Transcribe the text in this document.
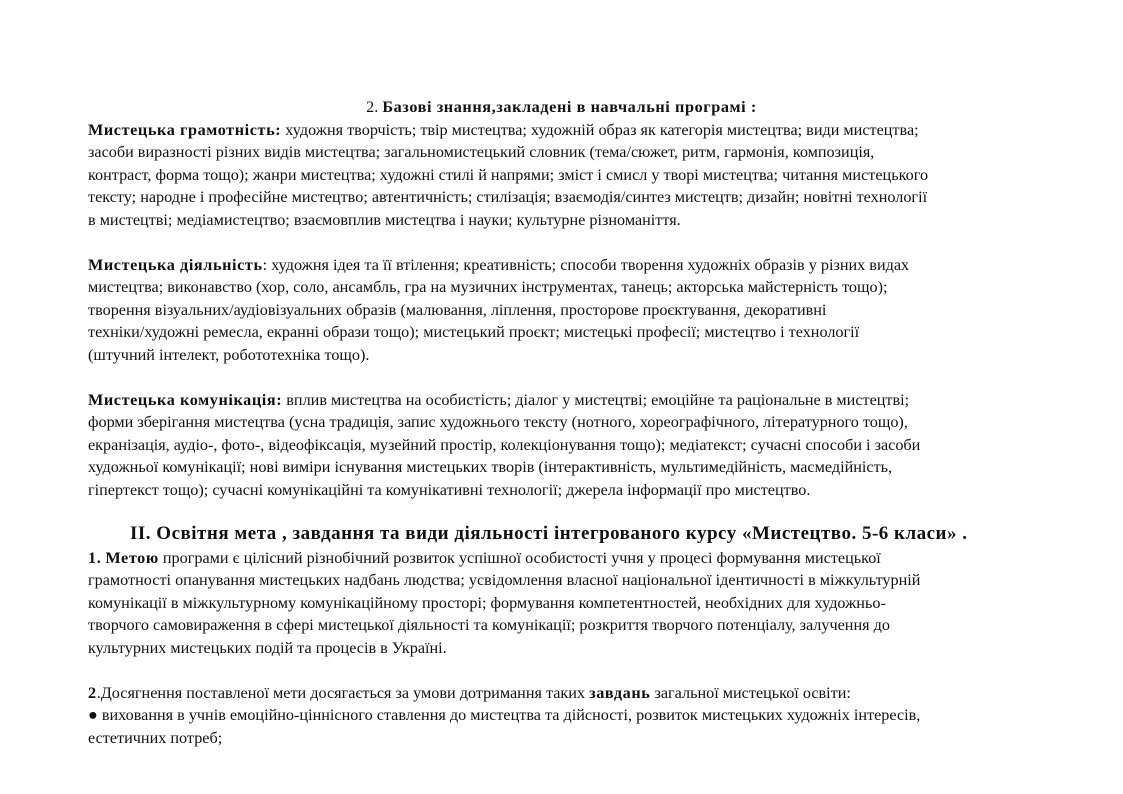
2. Базові знання,закладені в навчальні програмі :
Мистецька грамотність: художня творчість; твір мистецтва; художній образ як категорія мистецтва; види мистецтва;
засоби виразності різних видів мистецтва; загальномистецький словник (тема/сюжет, ритм, гармонія, композиція,
контраст, форма тощо); жанри мистецтва; художні стилі й напрями; зміст і смисл у творі мистецтва; читання мистецького
тексту; народне і професійне мистецтво; автентичність; стилізація; взаємодія/синтез мистецтв; дизайн; новітні технології
в мистецтві; медіамистецтво; взаємовплив мистецтва і науки; культурне різноманіття.
Мистецька діяльність: художня ідея та її втілення; креативність; способи творення художніх образів у різних видах
мистецтва; виконавство (хор, соло, ансамбль, гра на музичних інструментах, танець; акторська майстерність тощо);
творення візуальних/аудіовізуальних образів (малювання, ліплення, просторове проєктування, декоративні
техніки/художні ремесла, екранні образи тощо); мистецький проєкт; мистецькі професії; мистецтво і технології
(штучний інтелект, робототехніка тощо).
Мистецька комунікація: вплив мистецтва на особистість; діалог у мистецтві; емоційне та раціональне в мистецтві;
форми зберігання мистецтва (усна традиція, запис художнього тексту (нотного, хореографічного, літературного тощо),
екранізація, аудіо-, фото-, відеофіксація, музейний простір, колекціонування тощо); медіатекст; сучасні способи і засоби
художньої комунікації; нові виміри існування мистецьких творів (інтерактивність, мультимедійність, масмедійність,
гіпертекст тощо); сучасні комунікаційні та комунікативні технології; джерела інформації про мистецтво.
ІІ. Освітня мета , завдання та види діяльності інтегрованого курсу «Мистецтво. 5-6 класи» .
1. Метою програми є цілісний різнобічний розвиток успішної особистості учня у процесі формування мистецької
грамотності опанування мистецьких надбань людства; усвідомлення власної національної ідентичності в міжкультурній
комунікації в міжкультурному комунікаційному просторі; формування компетентностей, необхідних для художньо-
творчого самовираження в сфері мистецької діяльності та комунікації; розкриття творчого потенціалу, залучення до
культурних мистецьких подій та процесів в Україні.
2.Досягнення поставленої мети досягається за умови дотримання таких завдань загальної мистецької освіти:
● виховання в учнів емоційно-ціннісного ставлення до мистецтва та дійсності, розвиток мистецьких художніх інтересів,
естетичних потреб;
